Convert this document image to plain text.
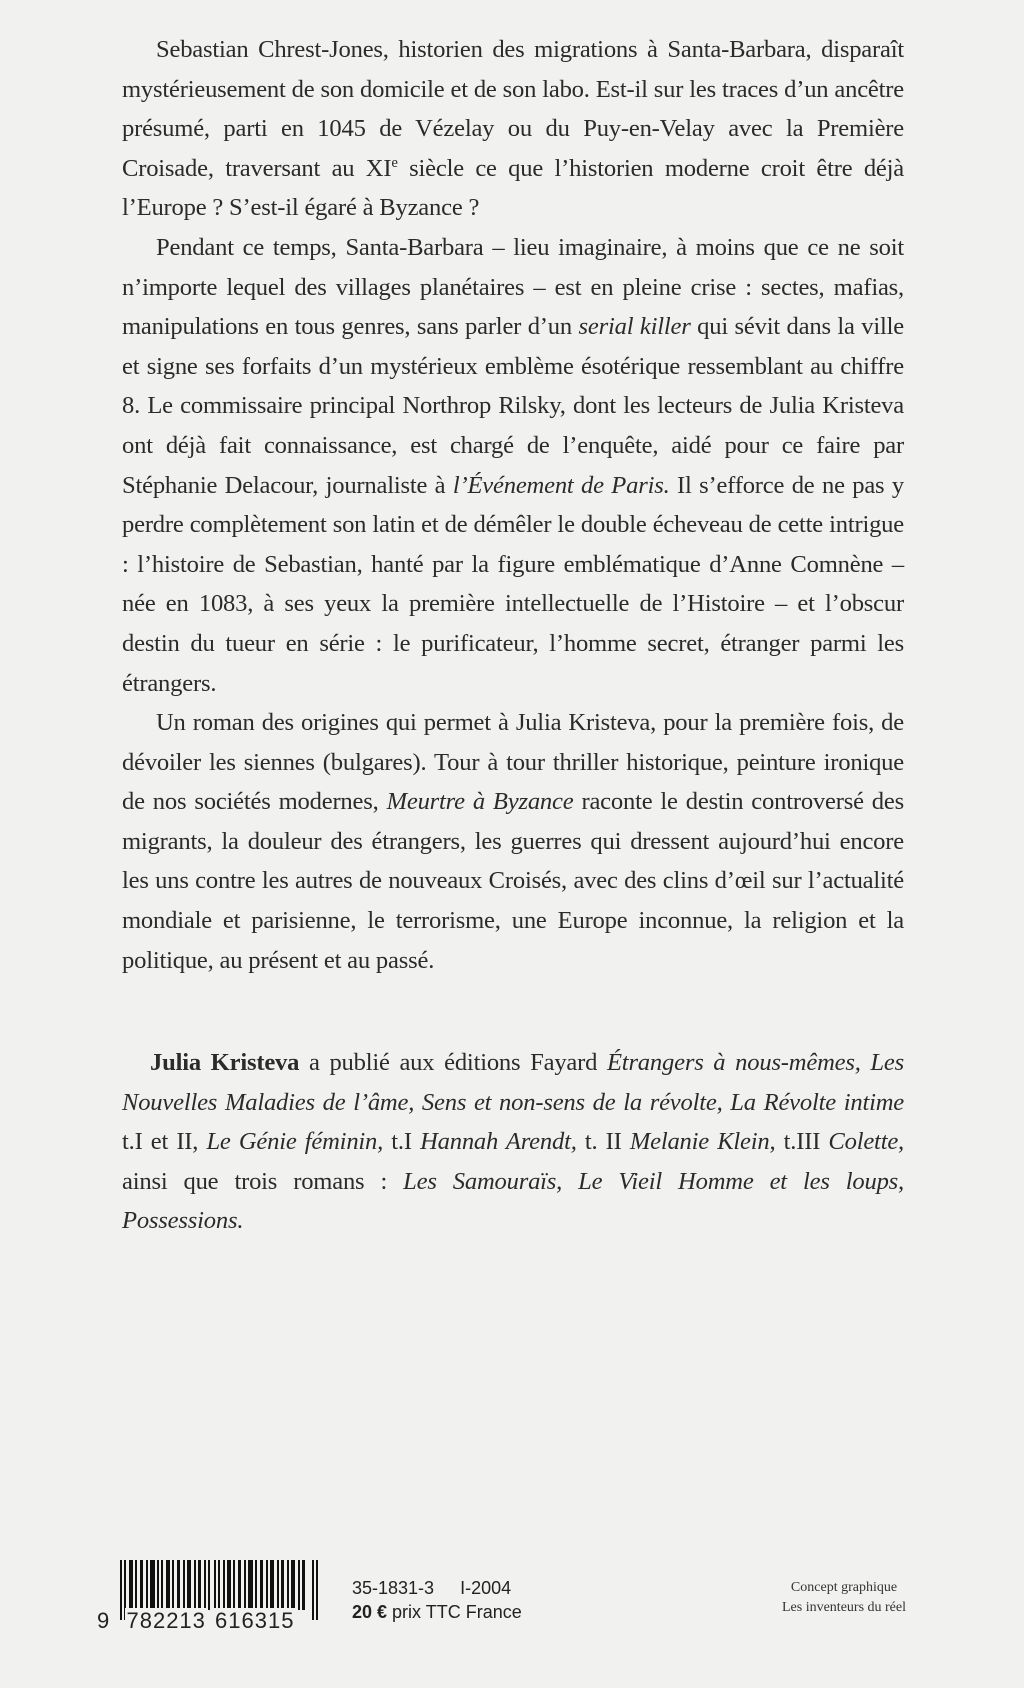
Sebastian Chrest-Jones, historien des migrations à Santa-Barbara, disparaît mystérieusement de son domicile et de son labo. Est-il sur les traces d’un ancêtre présumé, parti en 1045 de Vézelay ou du Puy-en-Velay avec la Première Croisade, traversant au XIe siècle ce que l’historien moderne croit être déjà l’Europe ? S’est-il égaré à Byzance ?

Pendant ce temps, Santa-Barbara – lieu imaginaire, à moins que ce ne soit n’importe lequel des villages planétaires – est en pleine crise : sectes, mafias, manipulations en tous genres, sans parler d’un serial killer qui sévit dans la ville et signe ses forfaits d’un mystérieux emblème ésotérique ressemblant au chiffre 8. Le commissaire principal Northrop Rilsky, dont les lecteurs de Julia Kristeva ont déjà fait connaissance, est chargé de l’enquête, aidé pour ce faire par Stéphanie Delacour, journaliste à l’Événement de Paris. Il s’efforce de ne pas y perdre complètement son latin et de démêler le double écheveau de cette intrigue : l’histoire de Sebastian, hanté par la figure emblématique d’Anne Comnène – née en 1083, à ses yeux la première intellectuelle de l’Histoire – et l’obscur destin du tueur en série : le purificateur, l’homme secret, étranger parmi les étrangers.

Un roman des origines qui permet à Julia Kristeva, pour la première fois, de dévoiler les siennes (bulgares). Tour à tour thriller historique, peinture ironique de nos sociétés modernes, Meurtre à Byzance raconte le destin controversé des migrants, la douleur des étrangers, les guerres qui dressent aujourd’hui encore les uns contre les autres de nouveaux Croisés, avec des clins d’œil sur l’actualité mondiale et parisienne, le terrorisme, une Europe inconnue, la religion et la politique, au présent et au passé.

Julia Kristeva a publié aux éditions Fayard Étrangers à nous-mêmes, Les Nouvelles Maladies de l’âme, Sens et non-sens de la révolte, La Révolte intime t.I et II, Le Génie féminin, t.I Hannah Arendt, t. II Melanie Klein, t.III Colette, ainsi que trois romans : Les Samouraïs, Le Vieil Homme et les loups, Possessions.

9 782213 616315
35-1831-3 I-2004
20 € prix TTC France
Concept graphique
Les inventeurs du réel
